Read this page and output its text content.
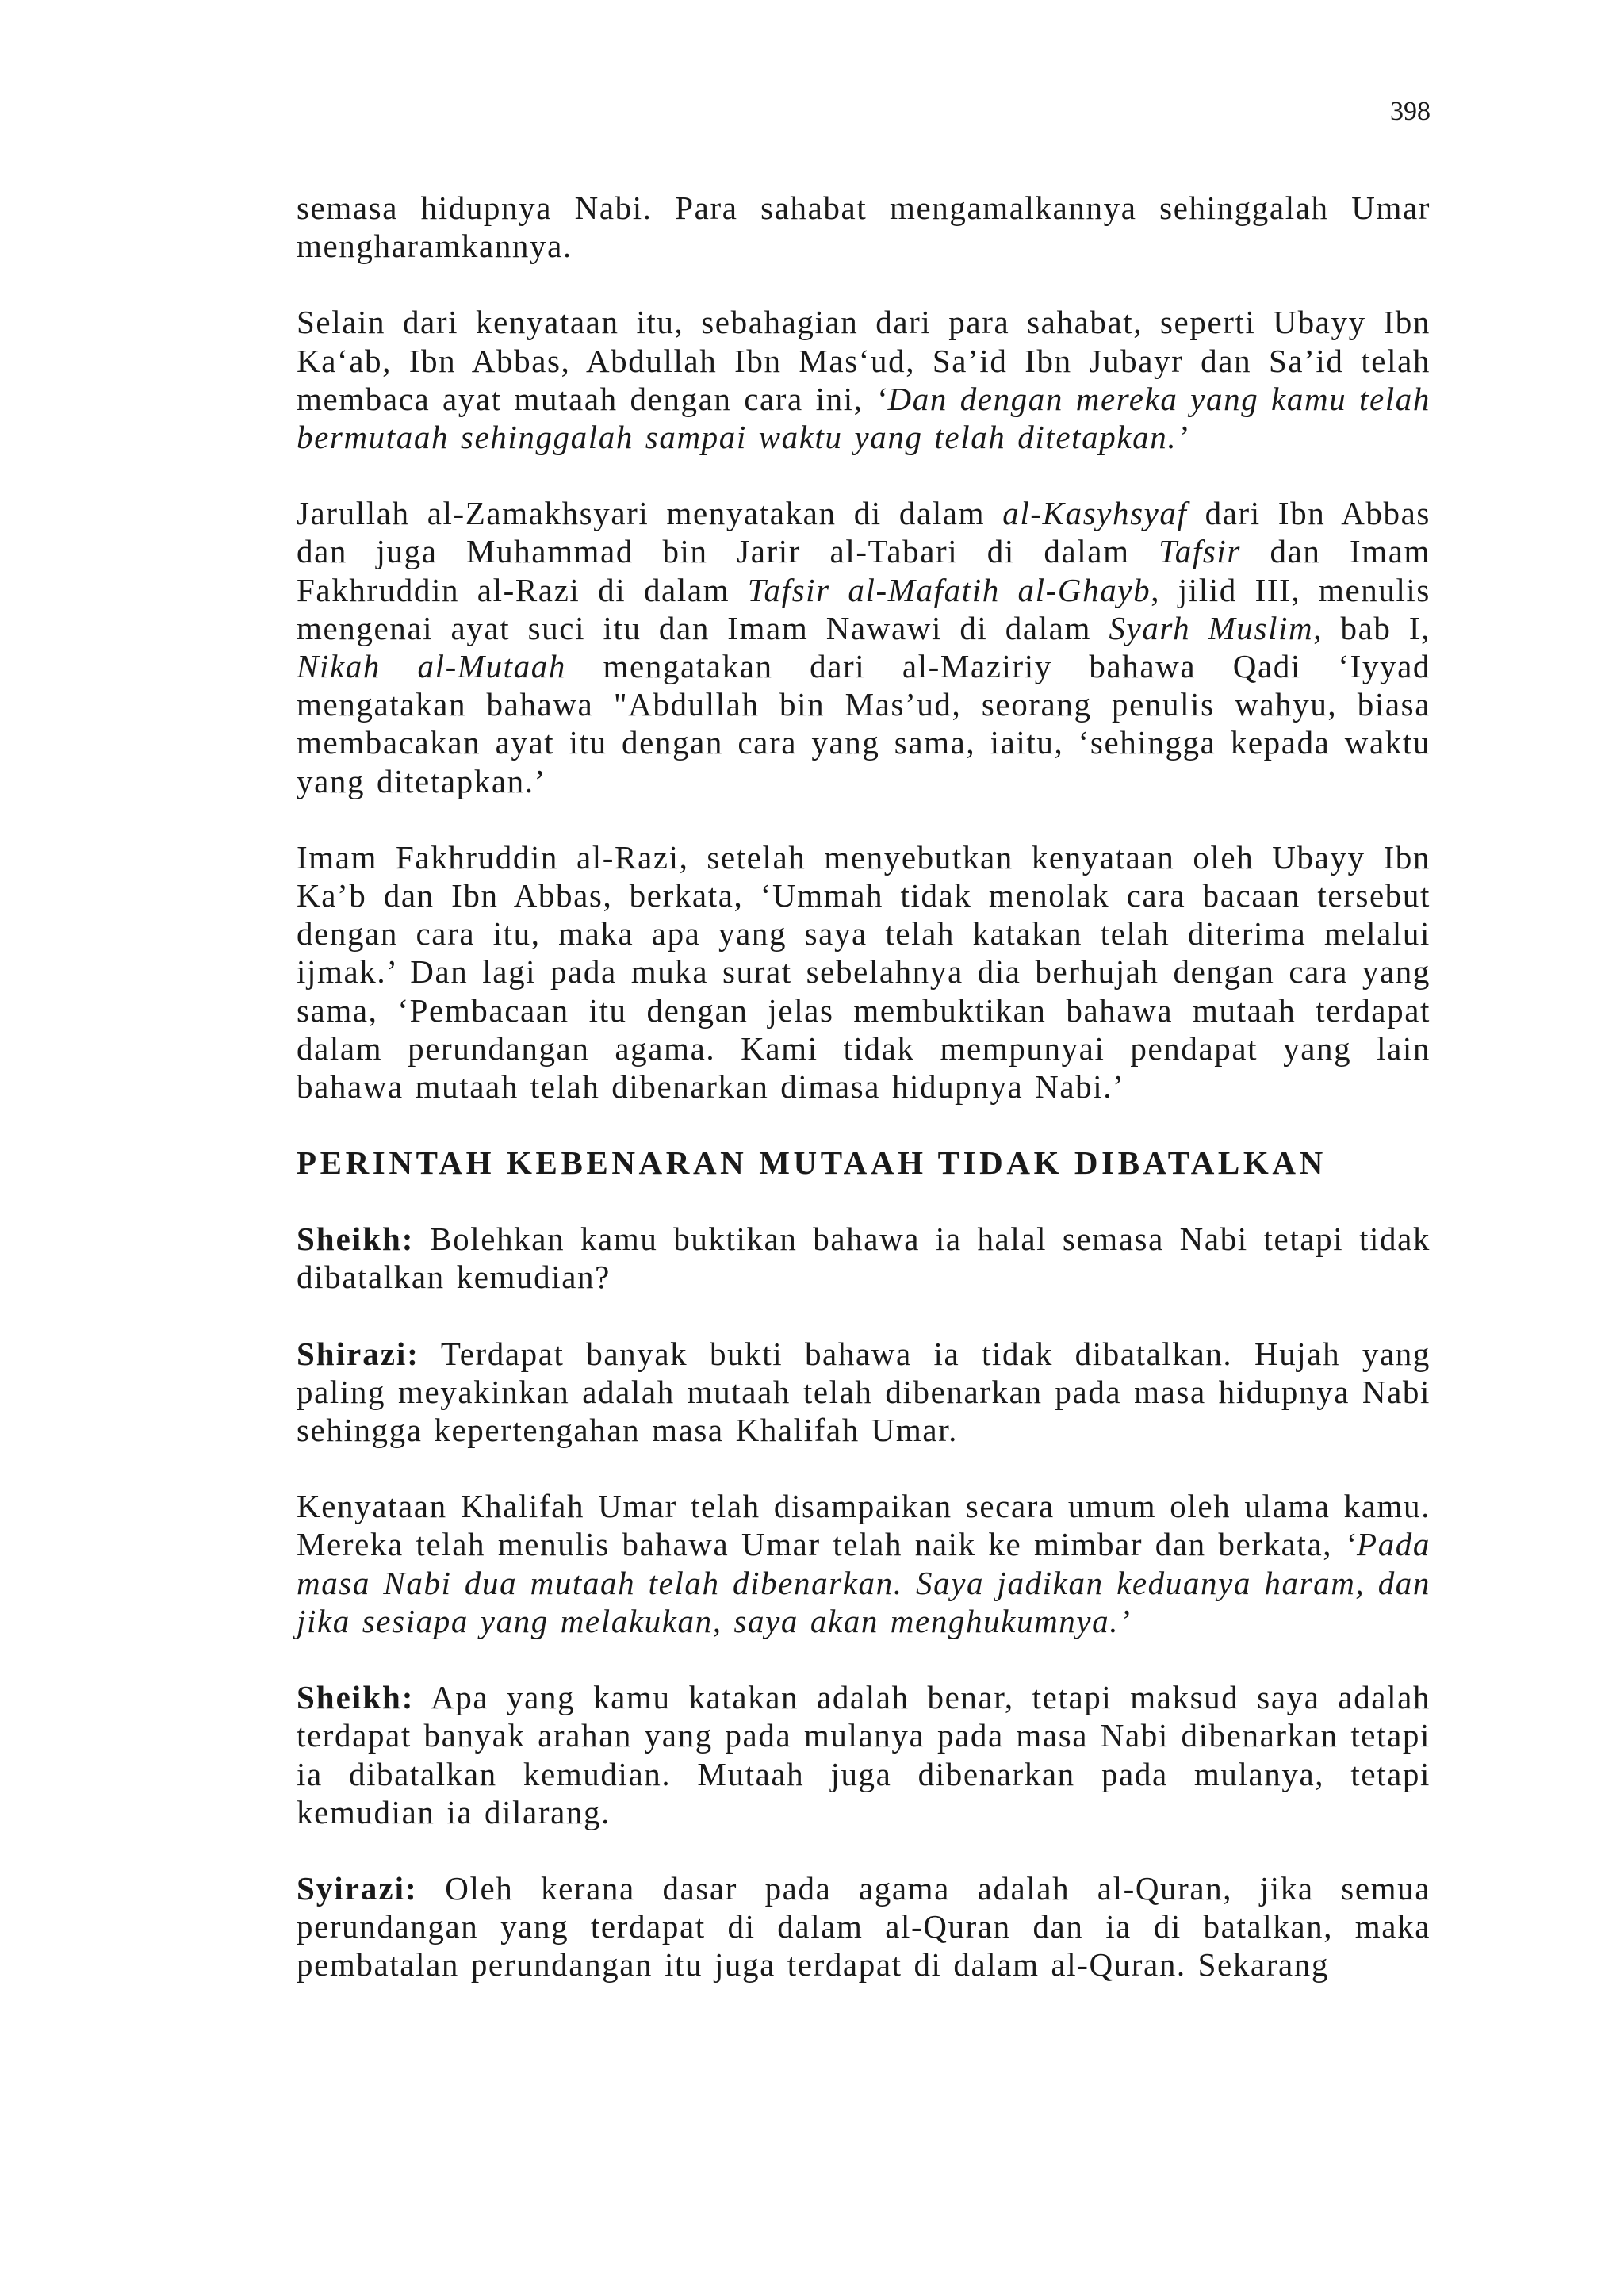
398

semasa hidupnya Nabi. Para sahabat mengamalkannya sehinggalah Umar mengharamkannya.

Selain dari kenyataan itu, sebahagian dari para sahabat, seperti Ubayy Ibn Ka‘ab, Ibn Abbas, Abdullah Ibn Mas‘ud, Sa’id Ibn Jubayr dan Sa’id telah membaca ayat mutaah dengan cara ini, ‘Dan dengan mereka yang kamu telah bermutaah sehinggalah sampai waktu yang telah ditetapkan.’

Jarullah al-Zamakhsyari menyatakan di dalam al-Kasyhsyaf dari Ibn Abbas dan juga Muhammad bin Jarir al-Tabari di dalam Tafsir dan Imam Fakhruddin al-Razi di dalam Tafsir al-Mafatih al-Ghayb, jilid III, menulis mengenai ayat suci itu dan Imam Nawawi di dalam Syarh Muslim, bab I, Nikah al-Mutaah mengatakan dari al-Maziriy bahawa Qadi ‘Iyyad mengatakan bahawa "Abdullah bin Mas’ud, seorang penulis wahyu, biasa membacakan ayat itu dengan cara yang sama, iaitu, ‘sehingga kepada waktu yang ditetapkan.’

Imam Fakhruddin al-Razi, setelah menyebutkan kenyataan oleh Ubayy Ibn Ka’b dan Ibn Abbas, berkata, ‘Ummah tidak menolak cara bacaan tersebut dengan cara itu, maka apa yang saya telah katakan telah diterima melalui ijmak.’ Dan lagi pada muka surat sebelahnya dia berhujah dengan cara yang sama, ‘Pembacaan itu dengan jelas membuktikan bahawa mutaah terdapat dalam perundangan agama. Kami tidak mempunyai pendapat yang lain bahawa mutaah telah dibenarkan dimasa hidupnya Nabi.’

PERINTAH KEBENARAN MUTAAH TIDAK DIBATALKAN

Sheikh: Bolehkan kamu buktikan bahawa ia halal semasa Nabi tetapi tidak dibatalkan kemudian?

Shirazi: Terdapat banyak bukti bahawa ia tidak dibatalkan. Hujah yang paling meyakinkan adalah mutaah telah dibenarkan pada masa hidupnya Nabi sehingga kepertengahan masa Khalifah Umar.

Kenyataan Khalifah Umar telah disampaikan secara umum oleh ulama kamu. Mereka telah menulis bahawa Umar telah naik ke mimbar dan berkata, ‘Pada masa Nabi dua mutaah telah dibenarkan. Saya jadikan keduanya haram, dan jika sesiapa yang melakukan, saya akan menghukumnya.’

Sheikh: Apa yang kamu katakan adalah benar, tetapi maksud saya adalah terdapat banyak arahan yang pada mulanya pada masa Nabi dibenarkan tetapi ia dibatalkan kemudian. Mutaah juga dibenarkan pada mulanya, tetapi kemudian ia dilarang.

Syirazi: Oleh kerana dasar pada agama adalah al-Quran, jika semua perundangan yang terdapat di dalam al-Quran dan ia di batalkan, maka pembatalan perundangan itu juga terdapat di dalam al-Quran. Sekarang
